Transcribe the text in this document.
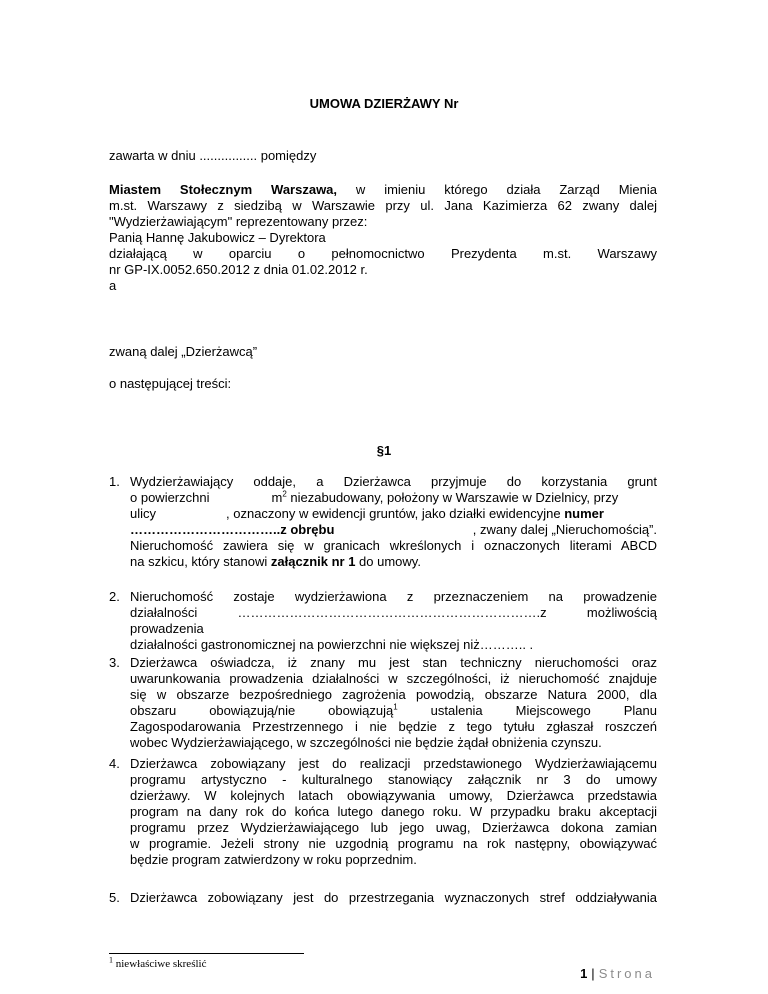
UMOWA DZIERŻAWY Nr
zawarta w dniu ................ pomiędzy
Miastem Stołecznym Warszawa, w imieniu którego działa Zarząd Mienia
m.st. Warszawy z siedzibą w Warszawie przy ul. Jana Kazimierza 62 zwany dalej
"Wydzierżawiającym" reprezentowany przez:
Panią Hannę Jakubowicz – Dyrektora
działającą w oparciu o pełnomocnictwo Prezydenta m.st. Warszawy
nr GP-IX.0052.650.2012 z dnia 01.02.2012 r.
a
zwaną dalej „Dzierżawcą”
o następującej treści:
§1
1. Wydzierżawiający oddaje, a Dzierżawca przyjmuje do korzystania grunt
o powierzchni	$m^2$ niezabudowany, położony w Warszawie w Dzielnicy, przy
ulicy	, oznaczony w ewidencji gruntów, jako działki ewidencyjne numer
……………………………..z obrębu	, zwany dalej „Nieruchomością”.
Nieruchomość zawiera się w granicach wkreślonych i oznaczonych literami ABCD
na szkicu, który stanowi załącznik nr 1 do umowy.
2. Nieruchomość zostaje wydzierżawiona z przeznaczeniem na prowadzenie
działalności …………………………………………………………….z możliwością prowadzenia
działalności gastronomicznej na powierzchni nie większej niż……….. .
3. Dzierżawca oświadcza, iż znany mu jest stan techniczny nieruchomości oraz
uwarunkowania prowadzenia działalności w szczególności, iż nieruchomość znajduje
się w obszarze bezpośredniego zagrożenia powodzią, obszarze Natura 2000, dla
obszaru	obowiązują/nie	obowiązują$^1$	ustalenia	Miejscowego	Planu
Zagospodarowania Przestrzennego i nie będzie z tego tytułu zgłaszał roszczeń
wobec Wydzierżawiającego, w szczególności nie będzie żądał obniżenia czynszu.
4. Dzierżawca zobowiązany jest do realizacji przedstawionego Wydzierżawiającemu
programu artystyczno - kulturalnego stanowiący załącznik nr 3 do umowy
dzierżawy. W kolejnych latach obowiązywania umowy, Dzierżawca przedstawia
program na dany rok do końca lutego danego roku. W przypadku braku akceptacji
programu przez Wydzierżawiającego lub jego uwag, Dzierżawca dokona zamian
w programie. Jeżeli strony nie uzgodnią programu na rok następny, obowiązywać
będzie program zatwierdzony w roku poprzednim.
5. Dzierżawca zobowiązany jest do przestrzegania wyznaczonych stref oddziaływania
$^1$ niewłaściwe skreślić
1 | Strona
